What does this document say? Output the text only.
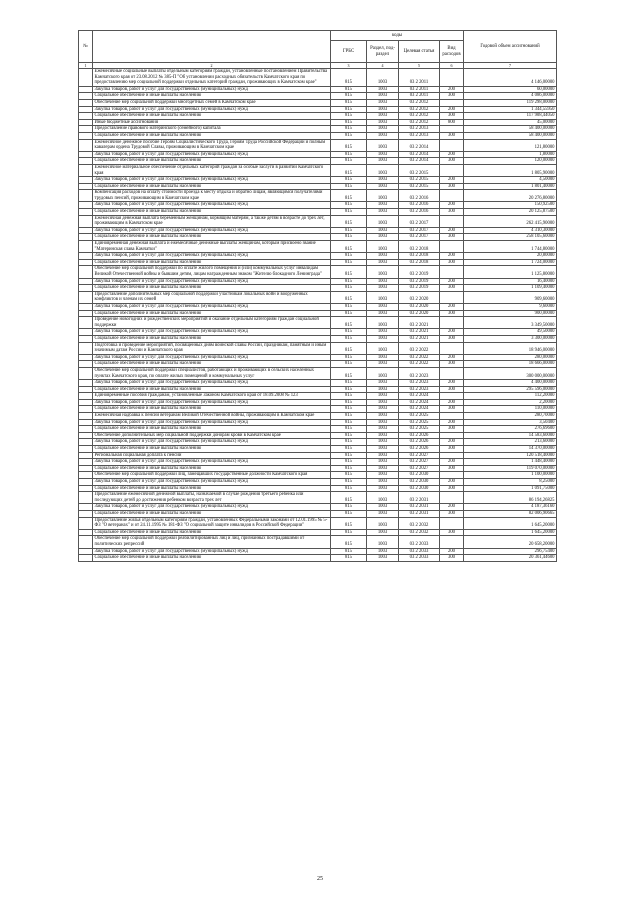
№		коды				Годовой объем ассигнований
		ГРБС	Раздел, под-раздел	Целевая статья	Вид расходов	
1	2	3	4	5	6	7
	Ежемесячные социальные выплаты отдельным категориям граждан, установленные постановлением Правительства Камчатского края от 23.08.2012 № 385-П "Об установлении расходных обязательств Камчатского края по предоставлению мер социальной поддержки отдельных категорий граждан, проживающих в Камчатском крае"	815	1003	03 2 2011		4 146,00000
	Закупка товаров, работ и услуг для государственных (муниципальных) нужд	815	1003	03 2 2011	200	60,00000
	Социальное обеспечение и иные выплаты населению	815	1003	03 2 2011	300	4 086,00000
	Обеспечение мер социальной поддержки многодетных семей в Камчатском крае	815	1003	03 2 2012		119 298,00000
	Закупка товаров, работ и услуг для государственных (муниципальных) нужд	815	1003	03 2 2012	200	1 344,55950
	Социальное обеспечение и иные выплаты населению	815	1003	03 2 2012	300	117 908,44050
	Иные бюджетные ассигнования	815	1003	03 2 2012	800	45,00000
	Предоставление правового материнского (семейного) капитала	815	1003	03 2 2013		58 400,00000
	Социальное обеспечение и иные выплаты населению	815	1003	03 2 2013	300	58 400,00000
	Ежемесячное денежное пособие Героям Социалистического Труда, Героям Труда Российской Федерации и полным кавалерам ордена Трудовой Славы, проживающим в Камчатском крае	815	1003	03 2 2014		121,80000
	Закупка товаров, работ и услуг для государственных (муниципальных) нужд	815	1003	03 2 2014	200	1,80000
	Социальное обеспечение и иные выплаты населению	815	1003	03 2 2014	300	120,00000
	Ежемесячное материальное обеспечение отдельных категорий граждан за особые заслуги в развитии Камчатского края	815	1003	03 2 2015		1 805,90000
	Закупка товаров, работ и услуг для государственных (муниципальных) нужд	815	1003	03 2 2015	200	4,50000
	Социальное обеспечение и иные выплаты населению	815	1003	03 2 2015	300	1 801,40000
	Компенсация расходов на оплату стоимости проезда к месту отдыха и обратно лицам, являющимся получателями трудовых пенсий, проживающим в Камчатском крае	815	1003	03 2 2016		20 276,80000
	Закупка товаров, работ и услуг для государственных (муниципальных) нужд	815	1003	03 2 2016	200	150,92500
	Социальное обеспечение и иные выплаты населению	815	1003	03 2 2016	300	20 125,87500
	Ежемесячная денежная выплата беременным женщинам, кормящим матерям, а также детям в возрасте до трех лет, проживающим в Камчатском крае	815	1003	03 2 2017		262 415,90000
	Закупка товаров, работ и услуг для государственных (муниципальных) нужд	815	1003	03 2 2017	200	4 310,30000
	Социальное обеспечение и иные выплаты населению	815	1003	03 2 2017	300	258 105,60000
	Единовременная денежная выплата и ежемесячные денежные выплаты женщинам, которым присвоено звание "Материнская слава Камчатки"	815	1003	03 2 2018		1 744,80000
	Закупка товаров, работ и услуг для государственных (муниципальных) нужд	815	1003	03 2 2018	200	20,80000
	Социальное обеспечение и иные выплаты населению	815	1003	03 2 2018	300	1 724,00000
	Обеспечение мер социальной поддержки по оплате жилого помещения и (или) коммунальных услуг инвалидам Великой Отечественной войны и бывшим детям, лицам награжденным знаком "Жителю блокадного Ленинграда"	815	1003	03 2 2019		1 125,80000
	Закупка товаров, работ и услуг для государственных (муниципальных) нужд	815	1003	03 2 2019	200	16,40000
	Социальное обеспечение и иные выплаты населению	815	1003	03 2 2019	300	1 109,40000
	Предоставление дополнительных мер социальной поддержки участникам локальных войн и вооруженных конфликтов и членам их семей	815	1003	03 2 2020		909,60000
	Закупка товаров, работ и услуг для государственных (муниципальных) нужд	815	1003	03 2 2020	200	9,60000
	Социальное обеспечение и иные выплаты населению	815	1003	03 2 2020	300	900,00000
	Проведение новогодних и рождественских мероприятий и оказание отдельным категориям граждан социальной поддержки	815	1003	03 2 2021		3 349,50000
	Закупка товаров, работ и услуг для государственных (муниципальных) нужд	815	1003	03 2 2021	200	49,50000
	Социальное обеспечение и иные выплаты населению	815	1003	03 2 2021	300	3 300,00000
	Подготовка и проведение мероприятий, посвященных дням воинской славы России, праздникам, памятным и иным значимым датам России и Камчатского края	815	1003	03 2 2022		18 946,00000
	Закупка товаров, работ и услуг для государственных (муниципальных) нужд	815	1003	03 2 2022	200	280,00000
	Социальное обеспечение и иные выплаты населению	815	1003	03 2 2022	300	18 666,00000
	Обеспечение мер социальной поддержки специалистов, работающих и проживающих в сельских населенных пунктах Камчатского края, по оплате жилых помещений и коммунальных услуг	815	1003	03 2 2023		300 000,00000
	Закупка товаров, работ и услуг для государственных (муниципальных) нужд	815	1003	03 2 2023	200	4 400,00000
	Социальное обеспечение и иные выплаты населению	815	1003	03 2 2023	300	295 596,00000
	Единовременные пособия гражданам, установленные Законом Камчатского края от 18.09.2008 № 123	815	1003	03 2 2024		112,20000
	Закупка товаров, работ и услуг для государственных (муниципальных) нужд	815	1003	03 2 2024	200	2,20000
	Социальное обеспечение и иные выплаты населению	815	1003	03 2 2024	300	110,00000
	Ежемесячная надбавка к пенсии ветеранам Великой Отечественной войны, проживающим в Камчатском крае	815	1003	03 2 2025		280,70000
	Закупка товаров, работ и услуг для государственных (муниципальных) нужд	815	1003	03 2 2025	200	3,50400
	Социальное обеспечение и иные выплаты населению	815	1003	03 2 2025	300	276,69600
	Обеспечение дополнительных мер социальной поддержки донорам крови в Камчатском крае	815	1003	03 2 2026		14 583,60000
	Закупка товаров, работ и услуг для государственных (муниципальных) нужд	815	1003	03 2 2026	200	213,60000
	Социальное обеспечение и иные выплаты населению	815	1003	03 2 2026	300	14 370,00000
	Региональная социальная доплата к пенсии	815	1003	03 2 2027		120 518,40000
	Закупка товаров, работ и услуг для государственных (муниципальных) нужд	815	1003	03 2 2027	200	1 448,40000
	Социальное обеспечение и иные выплаты населению	815	1003	03 2 2027	300	119 070,00000
	Обеспечение мер социальной поддержки лиц, замещавших государственные должности Камчатского края	815	1003	03 2 2030		1 100,00000
	Закупка товаров, работ и услуг для государственных (муниципальных) нужд	815	1003	03 2 2030	200	8,25000
	Социальное обеспечение и иные выплаты населению	815	1003	03 2 2030	300	1 091,75000
	Предоставление ежемесячной денежной выплаты, назначаемой в случае рождения третьего ребенка или последующих детей до достижения ребенком возраста трех лет	815	1003	03 2 2031		86 194,26825
	Закупка товаров, работ и услуг для государственных (муниципальных) нужд	815	1003	03 2 2031	200	4 187,36160
	Социальное обеспечение и иные выплаты населению	815	1003	03 2 2031	300	82 006,90665
	Предоставление жилья отдельным категориям граждан, установленных Федеральными законами от 12.01.1995 № 5-ФЗ "О ветеранах" и от 24.11.1995 № 181-ФЗ "О социальной защите инвалидов в Российской Федерации"	815	1003	03 2 2032		1 645,20000
	Социальное обеспечение и иные выплаты населению	815	1003	03 2 2032	300	1 645,20000
	Обеспечение мер социальной поддержки реабилитированных лиц и лиц, признанных пострадавшими от политических репрессий	815	1003	03 2 2033		20 658,20000
	Закупка товаров, работ и услуг для государственных (муниципальных) нужд	815	1003	03 2 2033	200	296,75400
	Социальное обеспечение и иные выплаты населению	815	1003	03 2 2033	300	20 361,44600
25
